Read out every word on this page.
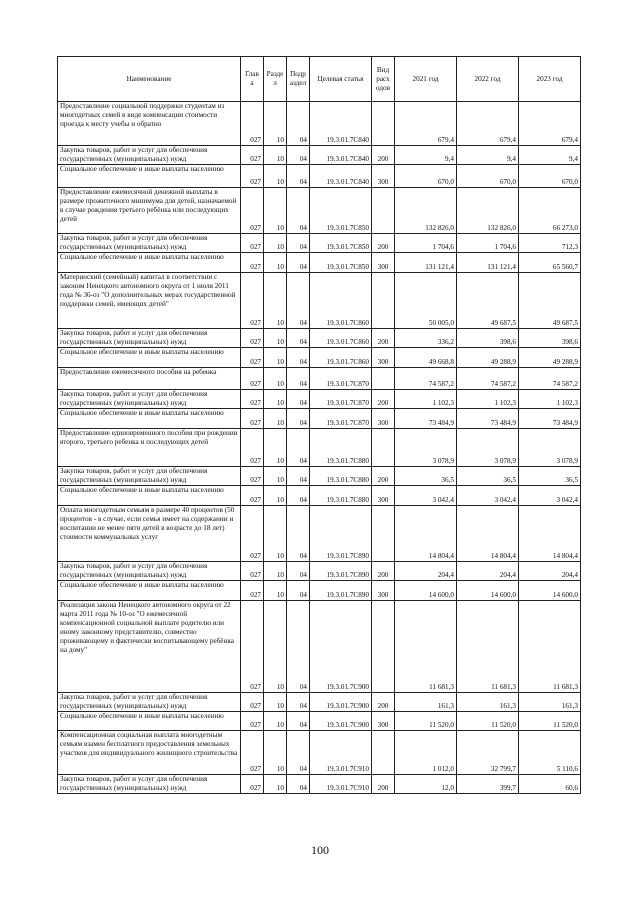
Наименование	Глав а	Разде л	Подр аздел	Целевая статья	Вид расх одов	2021 год	2022 год	2023 год
Предоставление социальной поддержки студентам из многодетных семей в виде компенсации стоимости проезда к месту учебы и обратно	027	10	04	19.3.01.7С840		679,4	679,4	679,4
Закупка товаров, работ и услуг для обеспечения государственных (муниципальных) нужд	027	10	04	19.3.01.7С840	200	9,4	9,4	9,4
Социальное обеспечение и иные выплаты населению	027	10	04	19.3.01.7С840	300	670,0	670,0	670,0
Предоставление ежемесячной денежной выплаты в размере прожиточного минимума для детей, назначаемой в случае рождения третьего ребёнка или последующих детей	027	10	04	19.3.01.7С850		132 826,0	132 826,0	66 273,0
Закупка товаров, работ и услуг для обеспечения государственных (муниципальных) нужд	027	10	04	19.3.01.7С850	200	1 704,6	1 704,6	712,3
Социальное обеспечение и иные выплаты населению	027	10	04	19.3.01.7С850	300	131 121,4	131 121,4	65 560,7
Материнский (семейный) капитал в соответствии с законом Ненецкого автономного округа от 1 июля 2011 года № 36-оз "О дополнительных мерах государственной поддержки семей, имеющих детей"	027	10	04	19.3.01.7С860		50 005,0	49 687,5	49 687,5
Закупка товаров, работ и услуг для обеспечения государственных (муниципальных) нужд	027	10	04	19.3.01.7С860	200	336,2	398,6	398,6
Социальное обеспечение и иные выплаты населению	027	10	04	19.3.01.7С860	300	49 668,8	49 288,9	49 288,9
Предоставление ежемесячного пособия на ребенка	027	10	04	19.3.01.7С870		74 587,2	74 587,2	74 587,2
Закупка товаров, работ и услуг для обеспечения государственных (муниципальных) нужд	027	10	04	19.3.01.7С870	200	1 102,3	1 102,3	1 102,3
Социальное обеспечение и иные выплаты населению	027	10	04	19.3.01.7С870	300	73 484,9	73 484,9	73 484,9
Предоставление единовременного пособия при рождении второго, третьего ребенка и последующих детей	027	10	04	19.3.01.7С880		3 078,9	3 078,9	3 078,9
Закупка товаров, работ и услуг для обеспечения государственных (муниципальных) нужд	027	10	04	19.3.01.7С880	200	36,5	36,5	36,5
Социальное обеспечение и иные выплаты населению	027	10	04	19.3.01.7С880	300	3 042,4	3 042,4	3 042,4
Оплата многодетным семьям в размере 40 процентов (50 процентов - в случае, если семья имеет на содержании и воспитании не менее пяти детей в возрасте до 18 лет) стоимости коммунальных услуг	027	10	04	19.3.01.7С890		14 804,4	14 804,4	14 804,4
Закупка товаров, работ и услуг для обеспечения государственных (муниципальных) нужд	027	10	04	19.3.01.7С890	200	204,4	204,4	204,4
Социальное обеспечение и иные выплаты населению	027	10	04	19.3.01.7С890	300	14 600,0	14 600,0	14 600,0
Реализация закона Ненецкого автономного округа от 22 марта 2011 года № 10-оз "О ежемесячной компенсационной социальной выплате родителю или иному законному представителю, совместно проживающему и фактически воспитывающему ребёнка на дому"	027	10	04	19.3.01.7С900		11 681,3	11 681,3	11 681,3
Закупка товаров, работ и услуг для обеспечения государственных (муниципальных) нужд	027	10	04	19.3.01.7С900	200	161,3	161,3	161,3
Социальное обеспечение и иные выплаты населению	027	10	04	19.3.01.7С900	300	11 520,0	11 520,0	11 520,0
Компенсационная социальная выплата многодетным семьям взамен бесплатного предоставления земельных участков для индивидуального жилищного строительства	027	10	04	19.3.01.7С910		1 012,0	32 799,7	5 110,6
Закупка товаров, работ и услуг для обеспечения государственных (муниципальных) нужд	027	10	04	19.3.01.7С910	200	12,0	399,7	60,6
100
